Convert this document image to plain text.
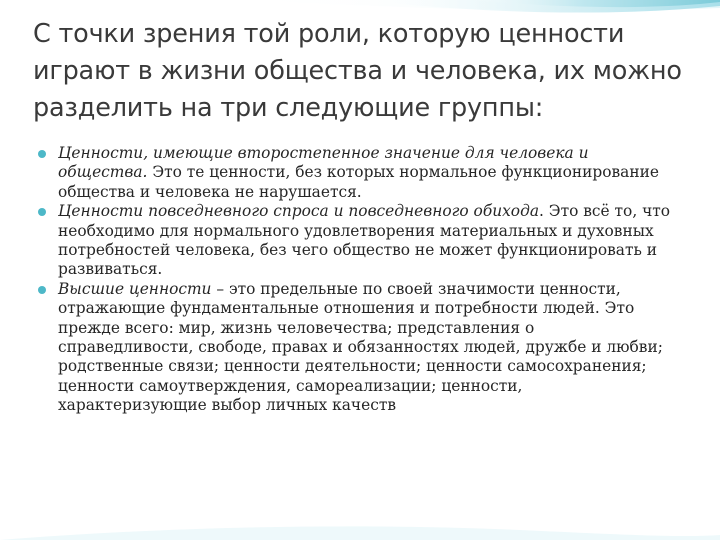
С точки зрения той роли, которую ценности играют в жизни общества и человека, их можно разделить на три следующие группы:
Ценности, имеющие второстепенное значение для человека и общества. Это те ценности, без которых нормальное функционирование общества и человека не нарушается.
Ценности повседневного спроса и повседневного обихода. Это всё то, что необходимо для нормального удовлетворения материальных и духовных потребностей человека, без чего общество не может функционировать и развиваться.
Высшие ценности – это предельные по своей значимости ценности, отражающие фундаментальные отношения и потребности людей. Это прежде всего: мир, жизнь человечества; представления о справедливости, свободе, правах и обязанностях людей, дружбе и любви; родственные связи; ценности деятельности; ценности самосохранения; ценности самоутверждения, самореализации; ценности, характеризующие выбор личных качеств
